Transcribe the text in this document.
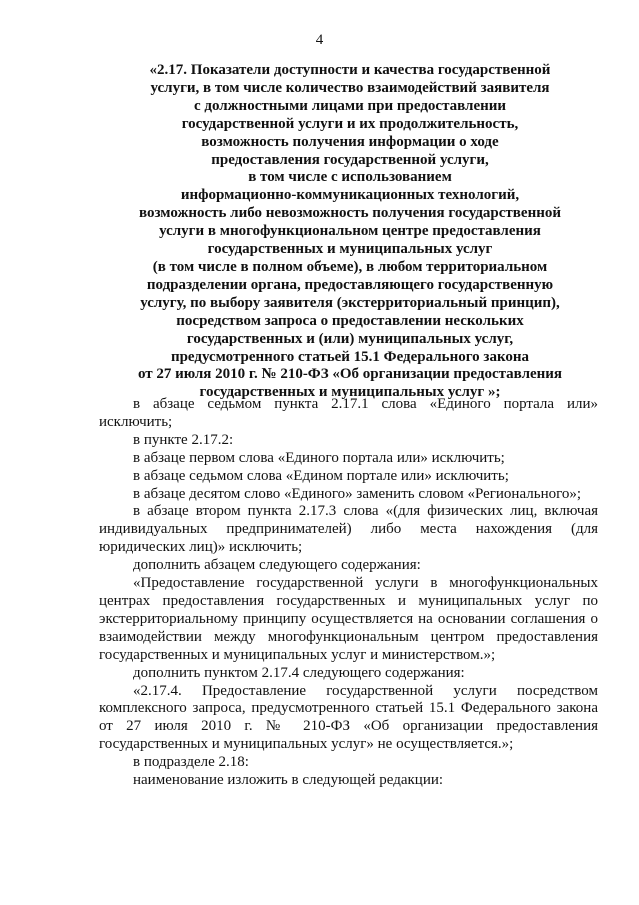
4
«2.17. Показатели доступности и качества государственной
услуги, в том числе количество взаимодействий заявителя
с должностными лицами при предоставлении
государственной услуги и их продолжительность,
возможность получения информации о ходе
предоставления государственной услуги,
в том числе с использованием
информационно-коммуникационных технологий,
возможность либо невозможность получения государственной
услуги в многофункциональном центре предоставления
государственных и муниципальных услуг
(в том числе в полном объеме), в любом территориальном
подразделении органа, предоставляющего государственную
услугу, по выбору заявителя (экстерриториальный принцип),
посредством запроса о предоставлении нескольких
государственных и (или) муниципальных услуг,
предусмотренного статьей 15.1 Федерального закона
от 27 июля 2010 г. № 210-ФЗ «Об организации предоставления
государственных и муниципальных услуг »;

в абзаце седьмом пункта 2.17.1 слова «Единого портала или» исключить;

в пункте 2.17.2:

в абзаце первом слова «Единого портала или» исключить;

в абзаце седьмом слова «Едином портале или» исключить;

в абзаце десятом слово «Единого» заменить словом «Регионального»;

в абзаце втором пункта 2.17.3 слова «(для физических лиц, включая индивидуальных предпринимателей) либо места нахождения (для юридических лиц)» исключить;

дополнить абзацем следующего содержания:

«Предоставление государственной услуги в многофункциональных центрах предоставления государственных и муниципальных услуг по экстерриториальному принципу осуществляется на основании соглашения о взаимодействии между многофункциональным центром предоставления государственных и муниципальных услуг и министерством.»;

дополнить пунктом 2.17.4 следующего содержания:

«2.17.4. Предоставление государственной услуги посредством комплексного запроса, предусмотренного статьей 15.1 Федерального закона от 27 июля 2010 г. № 210-ФЗ «Об организации предоставления государственных и муниципальных услуг» не осуществляется.»;

в подразделе 2.18:

наименование изложить в следующей редакции:
